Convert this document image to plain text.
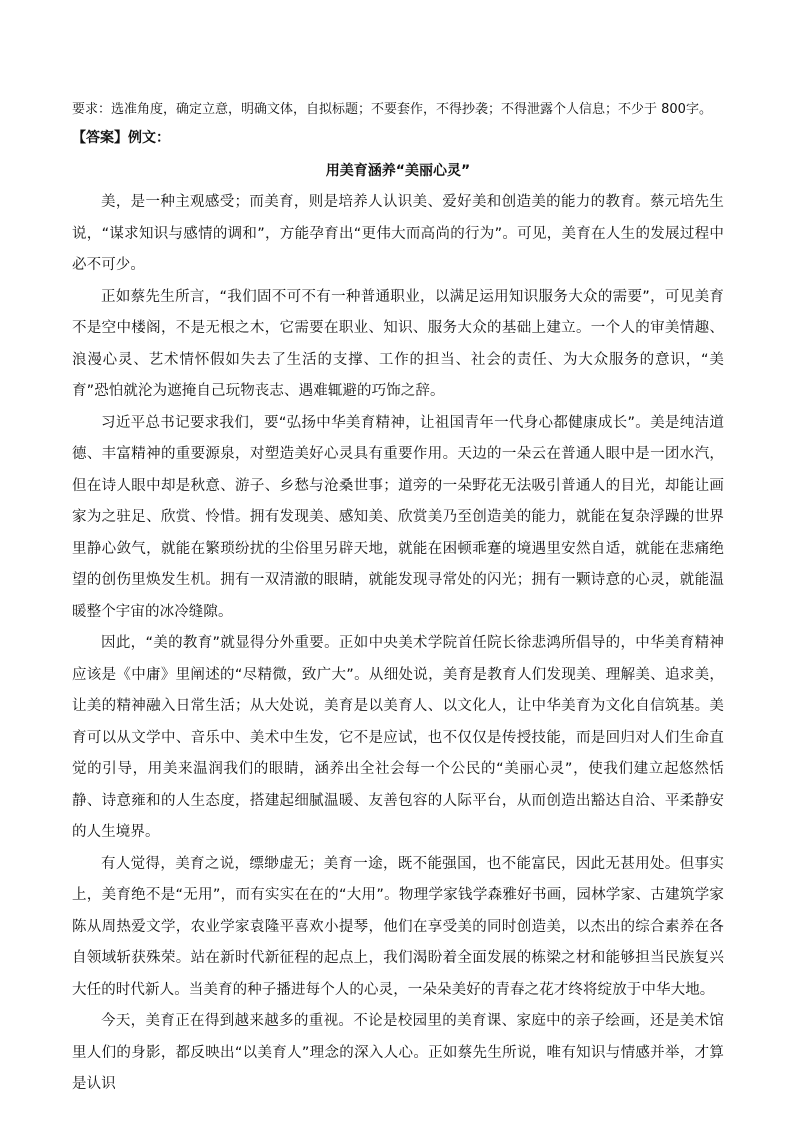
要求：选准角度，确定立意，明确文体，自拟标题；不要套作，不得抄袭；不得泄露个人信息；不少于 800字。

【答案】例文：

用美育涵养“美丽心灵”

美，是一种主观感受；而美育，则是培养人认识美、爱好美和创造美的能力的教育。蔡元培先生说，“谋求知识与感情的调和”，方能孕育出“更伟大而高尚的行为”。可见，美育在人生的发展过程中必不可少。

正如蔡先生所言，“我们固不可不有一种普通职业，以满足运用知识服务大众的需要”，可见美育不是空中楼阁，不是无根之木，它需要在职业、知识、服务大众的基础上建立。一个人的审美情趣、浪漫心灵、艺术情怀假如失去了生活的支撑、工作的担当、社会的责任、为大众服务的意识，“美育”恐怕就沦为遮掩自己玩物丧志、遇难辄避的巧饰之辞。

习近平总书记要求我们，要“弘扬中华美育精神，让祖国青年一代身心都健康成长”。美是纯洁道德、丰富精神的重要源泉，对塑造美好心灵具有重要作用。天边的一朵云在普通人眼中是一团水汽，但在诗人眼中却是秋意、游子、乡愁与沧桑世事；道旁的一朵野花无法吸引普通人的目光，却能让画家为之驻足、欣赏、怜惜。拥有发现美、感知美、欣赏美乃至创造美的能力，就能在复杂浮躁的世界里静心敛气，就能在繁琐纷扰的尘俗里另辟天地，就能在困顿乖蹇的境遇里安然自适，就能在悲痛绝望的创伤里焕发生机。拥有一双清澈的眼睛，就能发现寻常处的闪光；拥有一颗诗意的心灵，就能温暖整个宇宙的冰冷缝隙。

因此，“美的教育”就显得分外重要。正如中央美术学院首任院长徐悲鸿所倡导的，中华美育精神应该是《中庸》里阐述的“尽精微，致广大”。从细处说，美育是教育人们发现美、理解美、追求美，让美的精神融入日常生活；从大处说，美育是以美育人、以文化人，让中华美育为文化自信筑基。美育可以从文学中、音乐中、美术中生发，它不是应试，也不仅仅是传授技能，而是回归对人们生命直觉的引导，用美来温润我们的眼睛，涵养出全社会每一个公民的“美丽心灵”，使我们建立起悠然恬静、诗意雍和的人生态度，搭建起细腻温暖、友善包容的人际平台，从而创造出豁达自洽、平柔静安的人生境界。

有人觉得，美育之说，缥缈虚无；美育一途，既不能强国，也不能富民，因此无甚用处。但事实上，美育绝不是“无用”，而有实实在在的“大用”。物理学家钱学森雅好书画，园林学家、古建筑学家陈从周热爱文学，农业学家袁隆平喜欢小提琴，他们在享受美的同时创造美，以杰出的综合素养在各自领域斩获殊荣。站在新时代新征程的起点上，我们渴盼着全面发展的栋梁之材和能够担当民族复兴大任的时代新人。当美育的种子播进每个人的心灵，一朵朵美好的青春之花才终将绽放于中华大地。

今天，美育正在得到越来越多的重视。不论是校园里的美育课、家庭中的亲子绘画，还是美术馆里人们的身影，都反映出“以美育人”理念的深入人心。正如蔡先生所说，唯有知识与情感并举，才算是认识
